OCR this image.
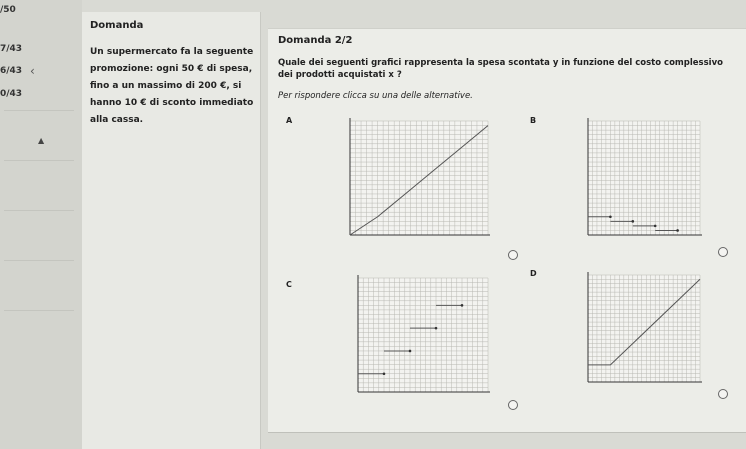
/50
7/43
6/43
0/43
‹
▲
Domanda
Un supermercato fa la seguente
promozione: ogni 50 € di spesa,
fino a un massimo di 200 €, si
hanno 10 € di sconto immediato
alla cassa.
Domanda 2/2
Quale dei seguenti grafici rappresenta la spesa scontata y in funzione del costo complessivo dei prodotti acquistati x ?
Per rispondere clicca su una delle alternative.
A	B
C
D
